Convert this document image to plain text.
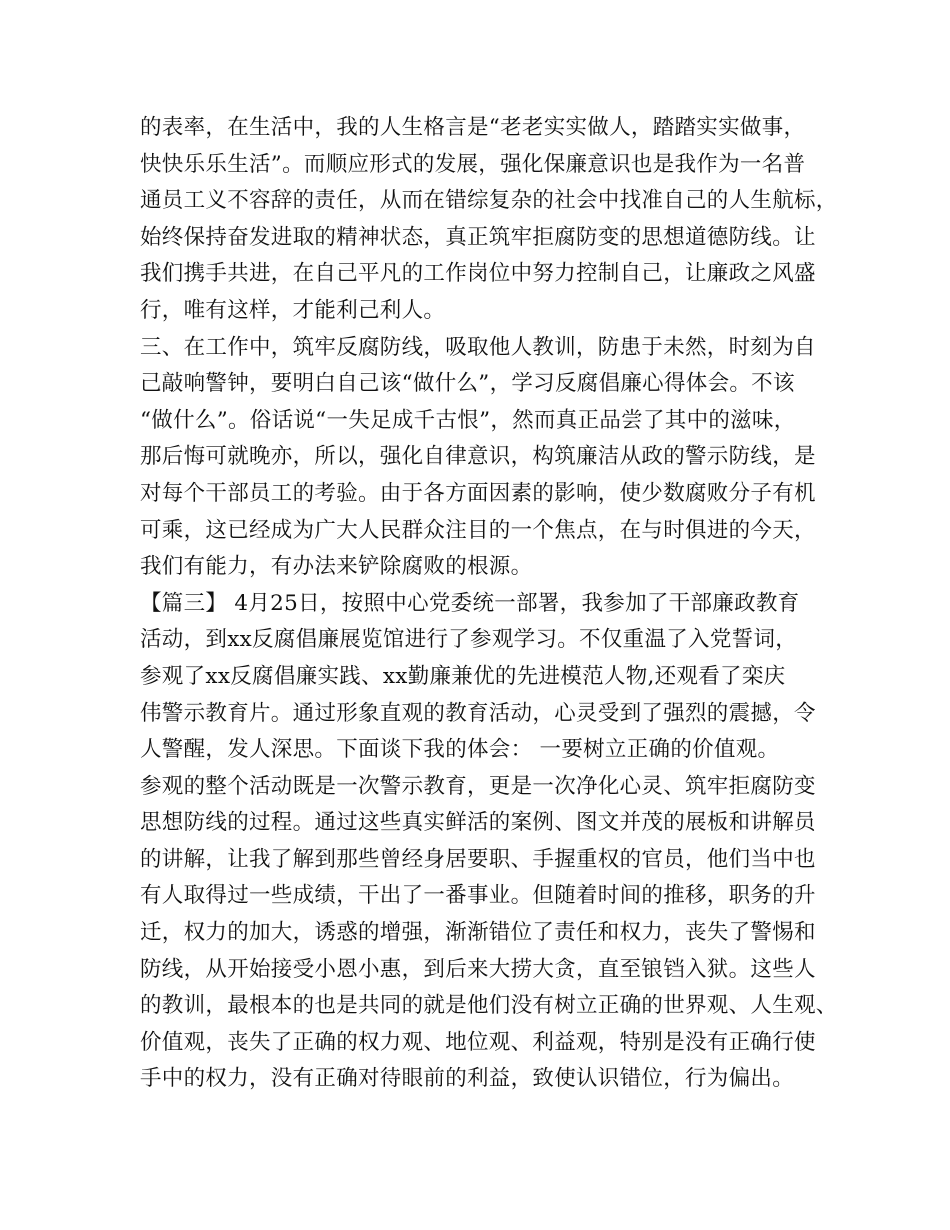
的表率，在生活中，我的人生格言是“老老实实做人，踏踏实实做事，
快快乐乐生活”。而顺应形式的发展，强化保廉意识也是我作为一名普
通员工义不容辞的责任，从而在错综复杂的社会中找准自己的人生航标，
始终保持奋发进取的精神状态，真正筑牢拒腐防变的思想道德防线。让
我们携手共进，在自己平凡的工作岗位中努力控制自己，让廉政之风盛
行，唯有这样，才能利己利人。
三、在工作中，筑牢反腐防线，吸取他人教训，防患于未然，时刻为自
己敲响警钟，要明白自己该“做什么”，学习反腐倡廉心得体会。不该
“做什么”。俗话说“一失足成千古恨”，然而真正品尝了其中的滋味，
那后悔可就晚亦，所以，强化自律意识，构筑廉洁从政的警示防线，是
对每个干部员工的考验。由于各方面因素的影响，使少数腐败分子有机
可乘，这已经成为广大人民群众注目的一个焦点，在与时俱进的今天，
我们有能力，有办法来铲除腐败的根源。
【篇三】 4月25日，按照中心党委统一部署，我参加了干部廉政教育
活动，到xx反腐倡廉展览馆进行了参观学习。不仅重温了入党誓词，
参观了xx反腐倡廉实践、xx勤廉兼优的先进模范人物,还观看了栾庆
伟警示教育片。通过形象直观的教育活动，心灵受到了强烈的震撼，令
人警醒，发人深思。下面谈下我的体会： 一要树立正确的价值观。
参观的整个活动既是一次警示教育，更是一次净化心灵、筑牢拒腐防变
思想防线的过程。通过这些真实鲜活的案例、图文并茂的展板和讲解员
的讲解，让我了解到那些曾经身居要职、手握重权的官员，他们当中也
有人取得过一些成绩，干出了一番事业。但随着时间的推移，职务的升
迁，权力的加大，诱惑的增强，渐渐错位了责任和权力，丧失了警惕和
防线，从开始接受小恩小惠，到后来大捞大贪，直至锒铛入狱。这些人
的教训，最根本的也是共同的就是他们没有树立正确的世界观、人生观、
价值观，丧失了正确的权力观、地位观、利益观，特别是没有正确行使
手中的权力，没有正确对待眼前的利益，致使认识错位，行为偏出。
